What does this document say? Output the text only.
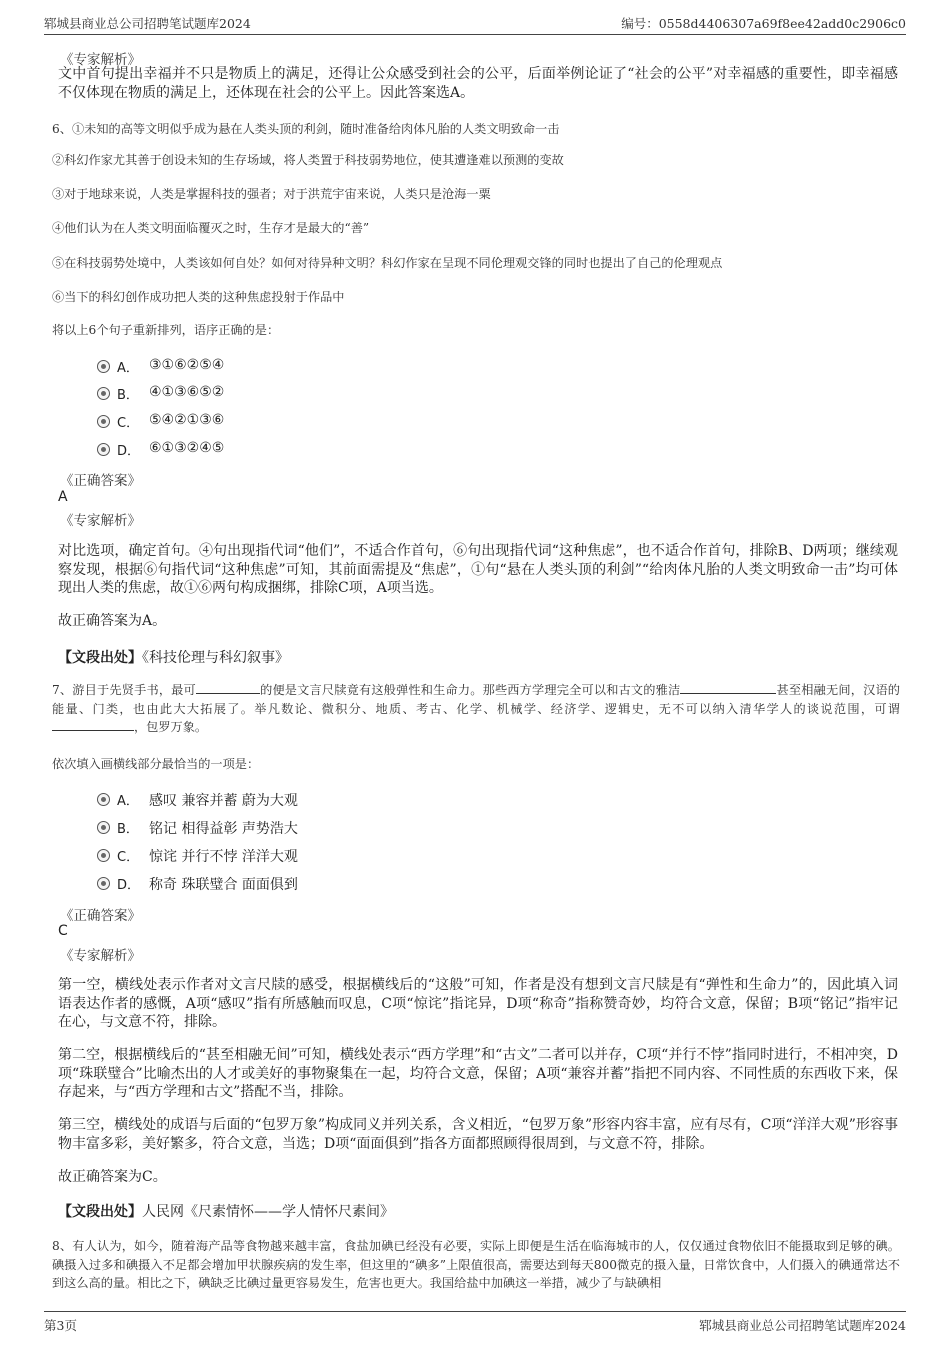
郓城县商业总公司招聘笔试题库2024	编号：0558d4406307a69f8ee42add0c2906c0
《专家解析》
文中首句提出幸福并不只是物质上的满足，还得让公众感受到社会的公平，后面举例论证了“社会的公平”对幸福感的重要性，即幸福感不仅体现在物质的满足上，还体现在社会的公平上。因此答案选A。
6、①未知的高等文明似乎成为悬在人类头顶的利剑，随时准备给肉体凡胎的人类文明致命一击
②科幻作家尤其善于创设未知的生存场域，将人类置于科技弱势地位，使其遭逢难以预测的变故
③对于地球来说，人类是掌握科技的强者；对于洪荒宇宙来说，人类只是沧海一粟
④他们认为在人类文明面临覆灭之时，生存才是最大的“善”
⑤在科技弱势处境中，人类该如何自处？如何对待异种文明？科幻作家在呈现不同伦理观交锋的同时也提出了自己的伦理观点
⑥当下的科幻创作成功把人类的这种焦虑投射于作品中
将以上6个句子重新排列，语序正确的是：
A． ③①⑥②⑤④
B． ④①③⑥⑤②
C． ⑤④②①③⑥
D． ⑥①③②④⑤
《正确答案》
A
《专家解析》
对比选项，确定首句。④句出现指代词“他们”，不适合作首句，⑥句出现指代词“这种焦虑”，也不适合作首句，排除B、D两项；继续观察发现，根据⑥句指代词“这种焦虑”可知，其前面需提及“焦虑”，①句“悬在人类头顶的利剑”“给肉体凡胎的人类文明致命一击”均可体现出人类的焦虑，故①⑥两句构成捆绑，排除C项，A项当选。
故正确答案为A。
【文段出处】《科技伦理与科幻叙事》
7、游目于先贤手书，最可	的便是文言尺牍竟有这般弹性和生命力。那些西方学理完全可以和古文的雅洁	甚至相融无间，汉语的能量、门类，也由此大大拓展了。举凡数论、微积分、地质、考古、化学、机械学、经济学、逻辑史，无不可以纳入清华学人的谈说范围，可谓，包罗万象。
依次填入画横线部分最恰当的一项是：
A． 感叹 兼容并蓄 蔚为大观
B． 铭记 相得益彰 声势浩大
C． 惊诧 并行不悖 洋洋大观
D． 称奇 珠联璧合 面面俱到
《正确答案》
C
《专家解析》
第一空，横线处表示作者对文言尺牍的感受，根据横线后的“这般”可知，作者是没有想到文言尺牍是有“弹性和生命力”的，因此填入词语表达作者的感慨，A项“感叹”指有所感触而叹息，C项“惊诧”指诧异，D项“称奇”指称赞奇妙，均符合文意，保留；B项“铭记”指牢记在心，与文意不符，排除。
第二空，根据横线后的“甚至相融无间”可知，横线处表示“西方学理”和“古文”二者可以并存，C项“并行不悖”指同时进行，不相冲突，D项“珠联璧合”比喻杰出的人才或美好的事物聚集在一起，均符合文意，保留；A项“兼容并蓄”指把不同内容、不同性质的东西收下来，保存起来，与“西方学理和古文”搭配不当，排除。
第三空，横线处的成语与后面的“包罗万象”构成同义并列关系，含义相近，“包罗万象”形容内容丰富，应有尽有，C项“洋洋大观”形容事物丰富多彩，美好繁多，符合文意，当选；D项“面面俱到”指各方面都照顾得很周到，与文意不符，排除。
故正确答案为C。
【文段出处】人民网《尺素情怀——学人情怀尺素间》
8、有人认为，如今，随着海产品等食物越来越丰富，食盐加碘已经没有必要，实际上即便是生活在临海城市的人，仅仅通过食物依旧不能摄取到足够的碘。碘摄入过多和碘摄入不足都会增加甲状腺疾病的发生率，但这里的“碘多”上限值很高，需要达到每天800微克的摄入量，日常饮食中，人们摄入的碘通常达不到这么高的量。相比之下，碘缺乏比碘过量更容易发生，危害也更大。我国给盐中加碘这一举措，减少了与缺碘相
第3页	郓城县商业总公司招聘笔试题库2024
